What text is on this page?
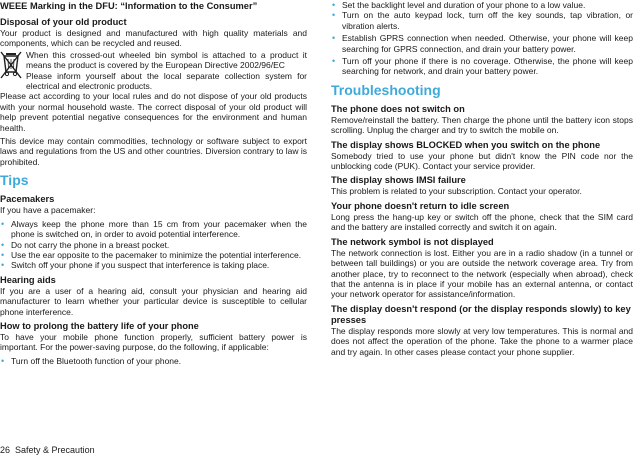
WEEE Marking in the DFU: “Information to the Consumer”

Disposal of your old product

Your product is designed and manufactured with high quality materials and components, which can be recycled and reused.

When this crossed-out wheeled bin symbol is attached to a product it means the product is covered by the European Directive 2002/96/EC

Please inform yourself about the local separate collection system for electrical and electronic products.

Please act according to your local rules and do not dispose of your old products with your normal household waste. The correct disposal of your old product will help prevent potential negative consequences for the environment and human health.

This device may contain commodities, technology or software subject to export laws and regulations from the US and other countries. Diversion contrary to law is prohibited.

Tips

Pacemakers

If you have a pacemaker:

• Always keep the phone more than 15 cm from your pacemaker when the phone is switched on, in order to avoid potential interference.
• Do not carry the phone in a breast pocket.
• Use the ear opposite to the pacemaker to minimize the potential interference.
• Switch off your phone if you suspect that interference is taking place.

Hearing aids

If you are a user of a hearing aid, consult your physician and hearing aid manufacturer to learn whether your particular device is susceptible to cellular phone interference.

How to prolong the battery life of your phone

To have your mobile phone function properly, sufficient battery power is important. For the power-saving purpose, do the following, if applicable:

• Turn off the Bluetooth function of your phone.
• Set the backlight level and duration of your phone to a low value.
• Turn on the auto keypad lock, turn off the key sounds, tap vibration, or vibration alerts.
• Establish GPRS connection when needed. Otherwise, your phone will keep searching for GPRS connection, and drain your battery power.
• Turn off your phone if there is no coverage. Otherwise, the phone will keep searching for network, and drain your battery power.

Troubleshooting

The phone does not switch on

Remove/reinstall the battery. Then charge the phone until the battery icon stops scrolling. Unplug the charger and try to switch the mobile on.

The display shows BLOCKED when you switch on the phone

Somebody tried to use your phone but didn't know the PIN code nor the unblocking code (PUK). Contact your service provider.

The display shows IMSI failure

This problem is related to your subscription. Contact your operator.

Your phone doesn't return to idle screen

Long press the hang-up key or switch off the phone, check that the SIM card and the battery are installed correctly and switch it on again.

The network symbol is not displayed

The network connection is lost. Either you are in a radio shadow (in a tunnel or between tall buildings) or you are outside the network coverage area. Try from another place, try to reconnect to the network (especially when abroad), check that the antenna is in place if your mobile has an external antenna, or contact your network operator for assistance/information.

The display doesn't respond (or the display responds slowly) to key presses

The display responds more slowly at very low temperatures. This is normal and does not affect the operation of the phone. Take the phone to a warmer place and try again. In other cases please contact your phone supplier.

26 Safety & Precaution
